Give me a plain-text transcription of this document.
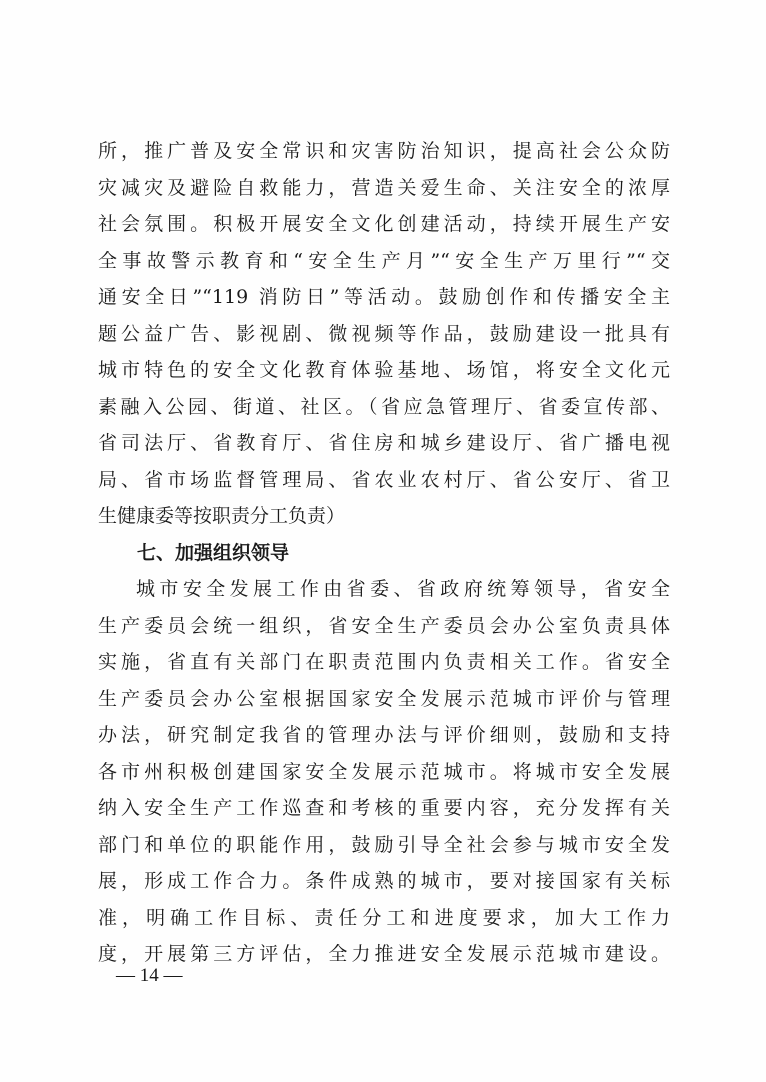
所，推广普及安全常识和灾害防治知识，提高社会公众防
灾减灾及避险自救能力，营造关爱生命、关注安全的浓厚
社会氛围。积极开展安全文化创建活动，持续开展生产安
全事故警示教育和“安全生产月”“安全生产万里行”“交
通安全日”“119 消防日”等活动。鼓励创作和传播安全主
题公益广告、影视剧、微视频等作品，鼓励建设一批具有
城市特色的安全文化教育体验基地、场馆，将安全文化元
素融入公园、街道、社区。（省应急管理厅、省委宣传部、
省司法厅、省教育厅、省住房和城乡建设厅、省广播电视
局、省市场监督管理局、省农业农村厅、省公安厅、省卫
生健康委等按职责分工负责）
七、加强组织领导
城市安全发展工作由省委、省政府统筹领导，省安全
生产委员会统一组织，省安全生产委员会办公室负责具体
实施，省直有关部门在职责范围内负责相关工作。省安全
生产委员会办公室根据国家安全发展示范城市评价与管理
办法，研究制定我省的管理办法与评价细则，鼓励和支持
各市州积极创建国家安全发展示范城市。将城市安全发展
纳入安全生产工作巡查和考核的重要内容，充分发挥有关
部门和单位的职能作用，鼓励引导全社会参与城市安全发
展，形成工作合力。条件成熟的城市，要对接国家有关标
准，明确工作目标、责任分工和进度要求，加大工作力
度，开展第三方评估，全力推进安全发展示范城市建设。
— 14 —
